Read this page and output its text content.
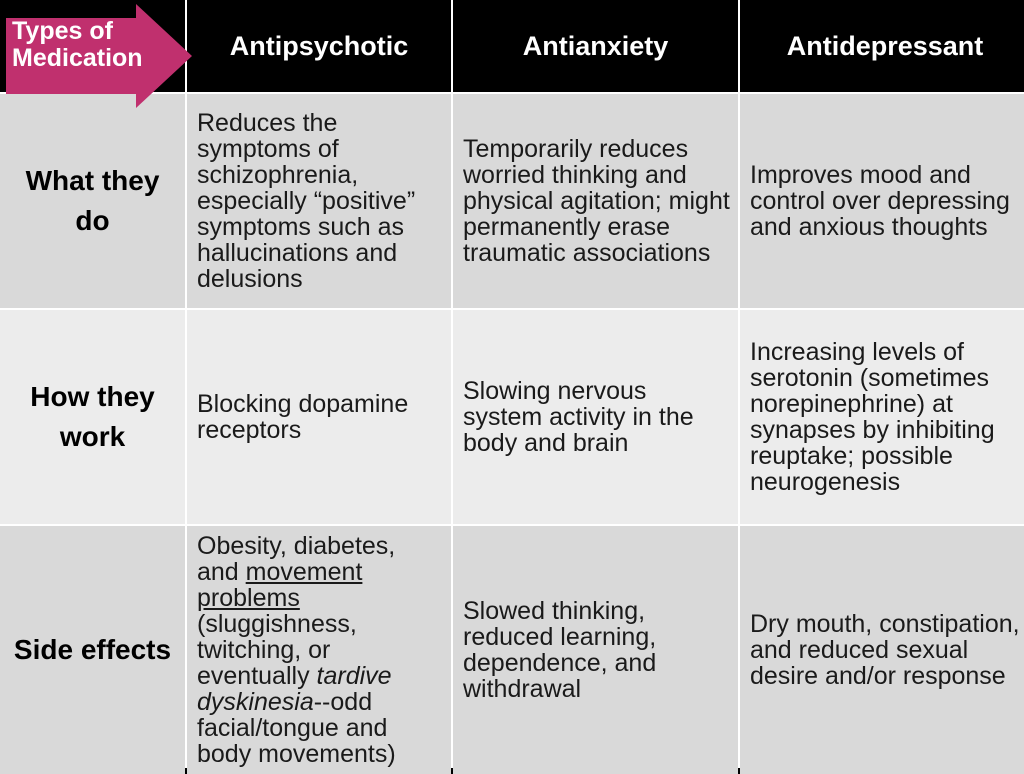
Antipsychotic	Antianxiety	Antidepressant
What they do
Reduces the symptoms of schizophrenia, especially “positive” symptoms such as hallucinations and delusions
Temporarily reduces worried thinking and physical agitation; might permanently erase traumatic associations
Improves mood and control over depressing and anxious thoughts
How they work
Blocking dopamine receptors
Slowing nervous system activity in the body and brain
Increasing levels of serotonin (sometimes norepinephrine) at synapses by inhibiting reuptake; possible neurogenesis
Side effects
Obesity, diabetes, and movement problems (sluggishness, twitching, or eventually tardive dyskinesia--odd facial/tongue and body movements)
Slowed thinking, reduced learning, dependence, and withdrawal
Dry mouth, constipation, and reduced sexual desire and/or response
Types of Medication
